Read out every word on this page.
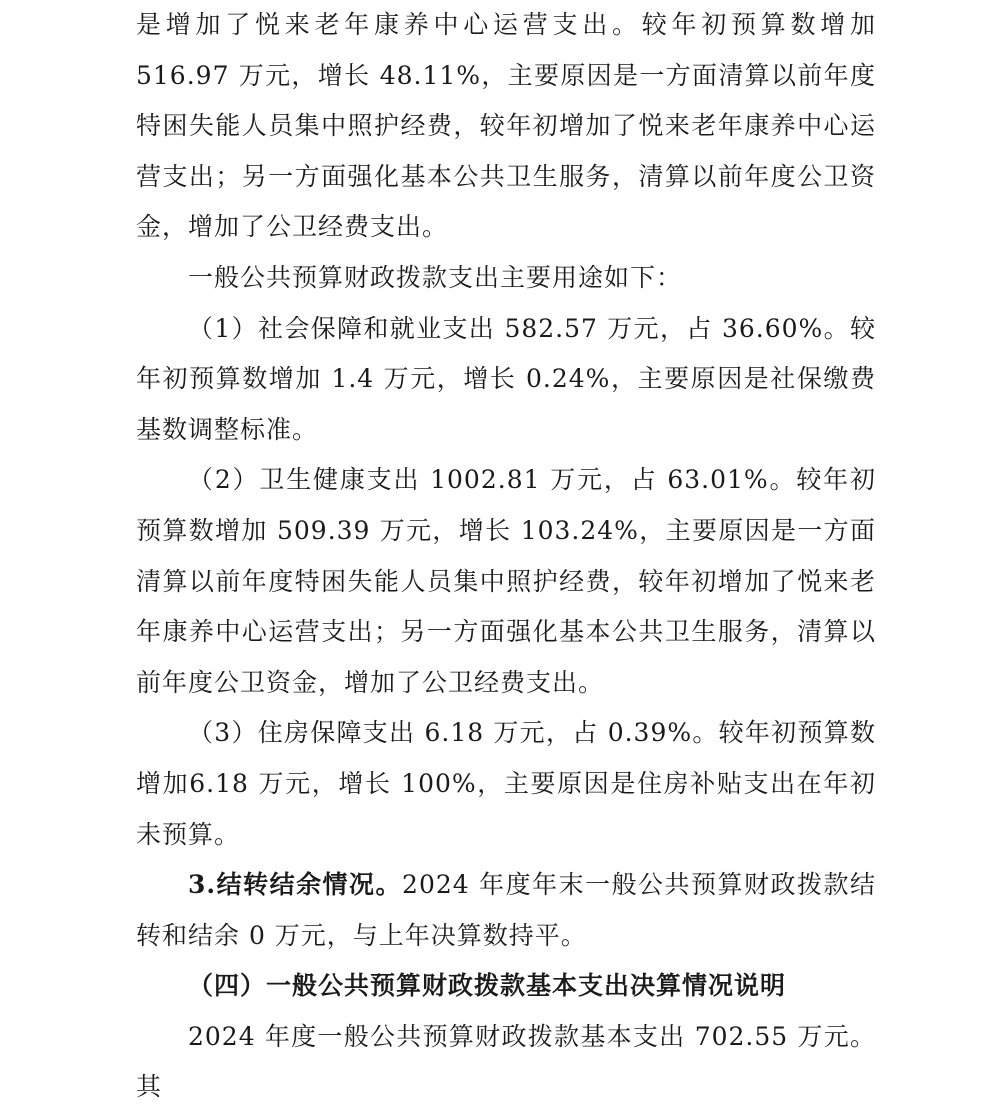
是增加了悦来老年康养中心运营支出。较年初预算数增加516.97 万元，增长 48.11%，主要原因是一方面清算以前年度特困失能人员集中照护经费，较年初增加了悦来老年康养中心运营支出；另一方面强化基本公共卫生服务，清算以前年度公卫资金，增加了公卫经费支出。

一般公共预算财政拨款支出主要用途如下：

（1）社会保障和就业支出 582.57 万元，占 36.60%。较年初预算数增加 1.4 万元，增长 0.24%，主要原因是社保缴费基数调整标准。

（2）卫生健康支出 1002.81 万元，占 63.01%。较年初预算数增加 509.39 万元，增长 103.24%，主要原因是一方面清算以前年度特困失能人员集中照护经费，较年初增加了悦来老年康养中心运营支出；另一方面强化基本公共卫生服务，清算以前年度公卫资金，增加了公卫经费支出。

（3）住房保障支出 6.18 万元，占 0.39%。较年初预算数增加6.18 万元，增长 100%，主要原因是住房补贴支出在年初未预算。

3.结转结余情况。2024 年度年末一般公共预算财政拨款结转和结余 0 万元，与上年决算数持平。

（四）一般公共预算财政拨款基本支出决算情况说明

2024 年度一般公共预算财政拨款基本支出 702.55 万元。其
